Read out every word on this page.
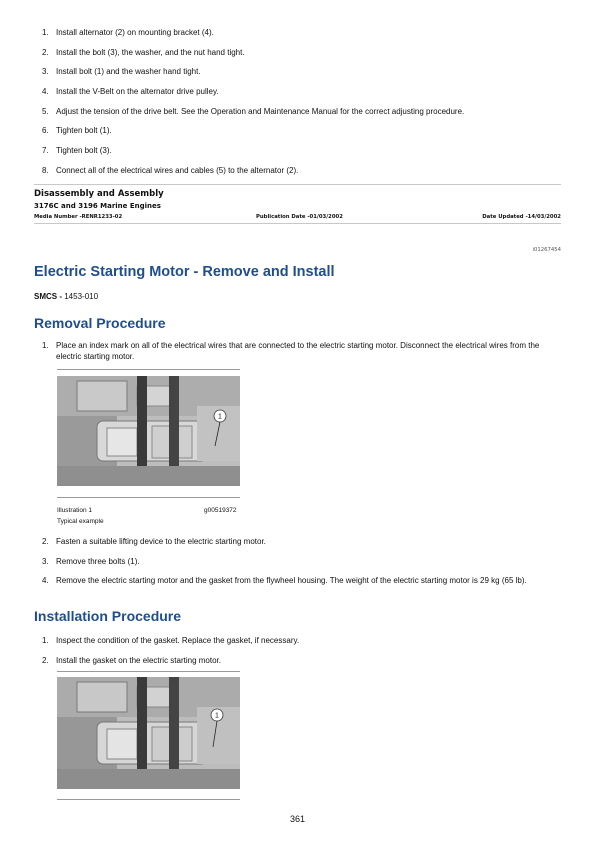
1. Install alternator (2) on mounting bracket (4).
2. Install the bolt (3), the washer, and the nut hand tight.
3. Install bolt (1) and the washer hand tight.
4. Install the V-Belt on the alternator drive pulley.
5. Adjust the tension of the drive belt. See the Operation and Maintenance Manual for the correct adjusting procedure.
6. Tighten bolt (1).
7. Tighten bolt (3).
8. Connect all of the electrical wires and cables (5) to the alternator (2).
Disassembly and Assembly
3176C and 3196 Marine Engines
Media Number -RENR1233-02	Publication Date -01/03/2002	Date Updated -14/03/2002
i01267454
Electric Starting Motor - Remove and Install
SMCS - 1453-010
Removal Procedure
1. Place an index mark on all of the electrical wires that are connected to the electric starting motor. Disconnect the electrical wires from the electric starting motor.
1
Illustration 1	g00519372
Typical example
2. Fasten a suitable lifting device to the electric starting motor.
3. Remove three bolts (1).
4. Remove the electric starting motor and the gasket from the flywheel housing. The weight of the electric starting motor is 29 kg (65 lb).
Installation Procedure
1. Inspect the condition of the gasket. Replace the gasket, if necessary.
2. Install the gasket on the electric starting motor.
1
361
